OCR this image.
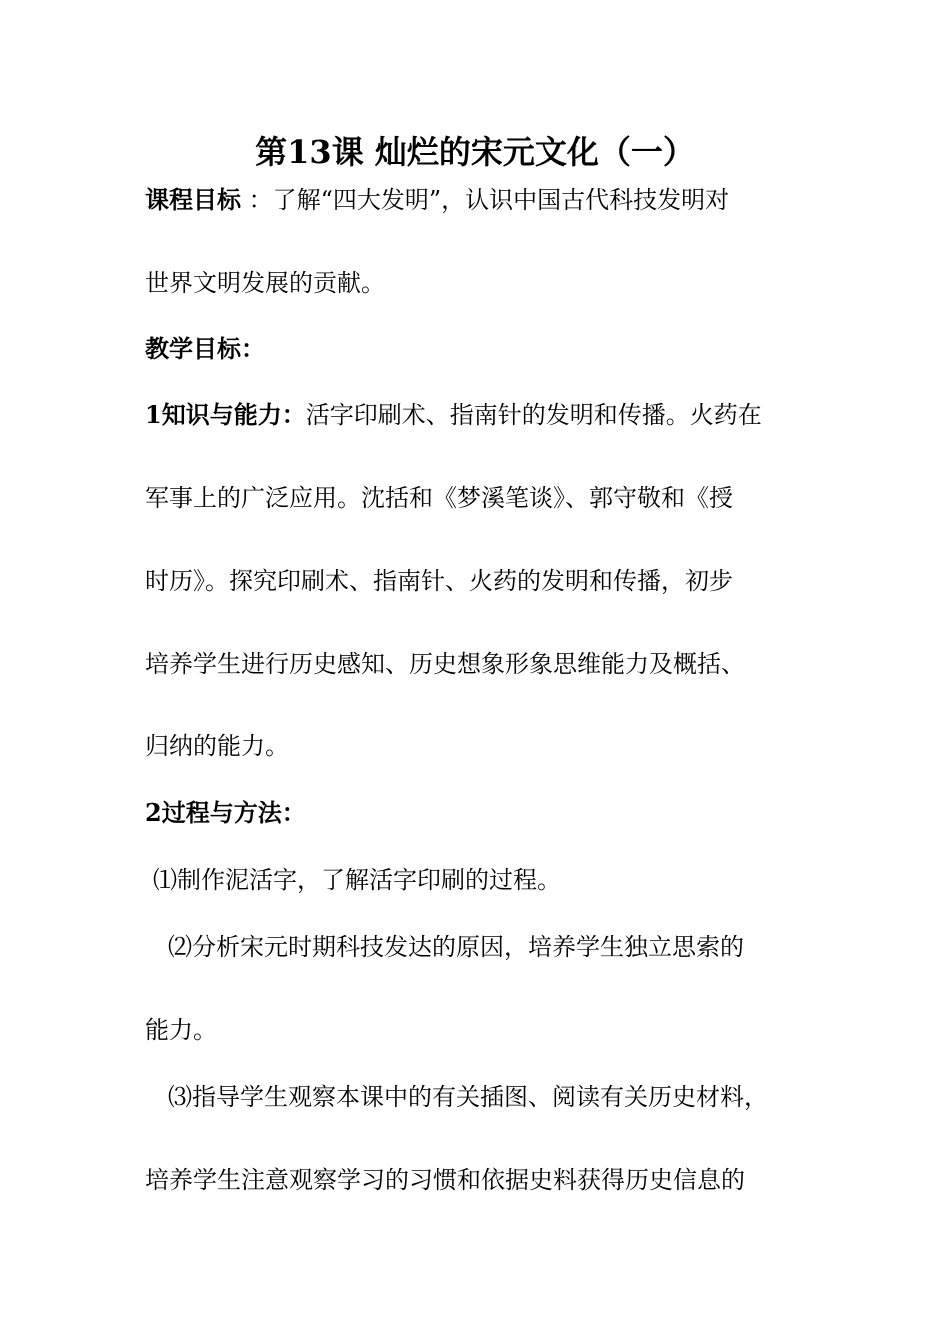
第13课 灿烂的宋元文化（一）
课程目标 ：了解“四大发明”，认识中国古代科技发明对
世界文明发展的贡献。
教学目标：
1知识与能力：活字印刷术、指南针的发明和传播。火药在
军事上的广泛应用。沈括和《梦溪笔谈》、郭守敬和《授
时历》。探究印刷术、指南针、火药的发明和传播，初步
培养学生进行历史感知、历史想象形象思维能力及概括、
归纳的能力。
2过程与方法：
⑴制作泥活字，了解活字印刷的过程。
⑵分析宋元时期科技发达的原因，培养学生独立思索的
能力。
⑶指导学生观察本课中的有关插图、阅读有关历史材料，
培养学生注意观察学习的习惯和依据史料获得历史信息的
